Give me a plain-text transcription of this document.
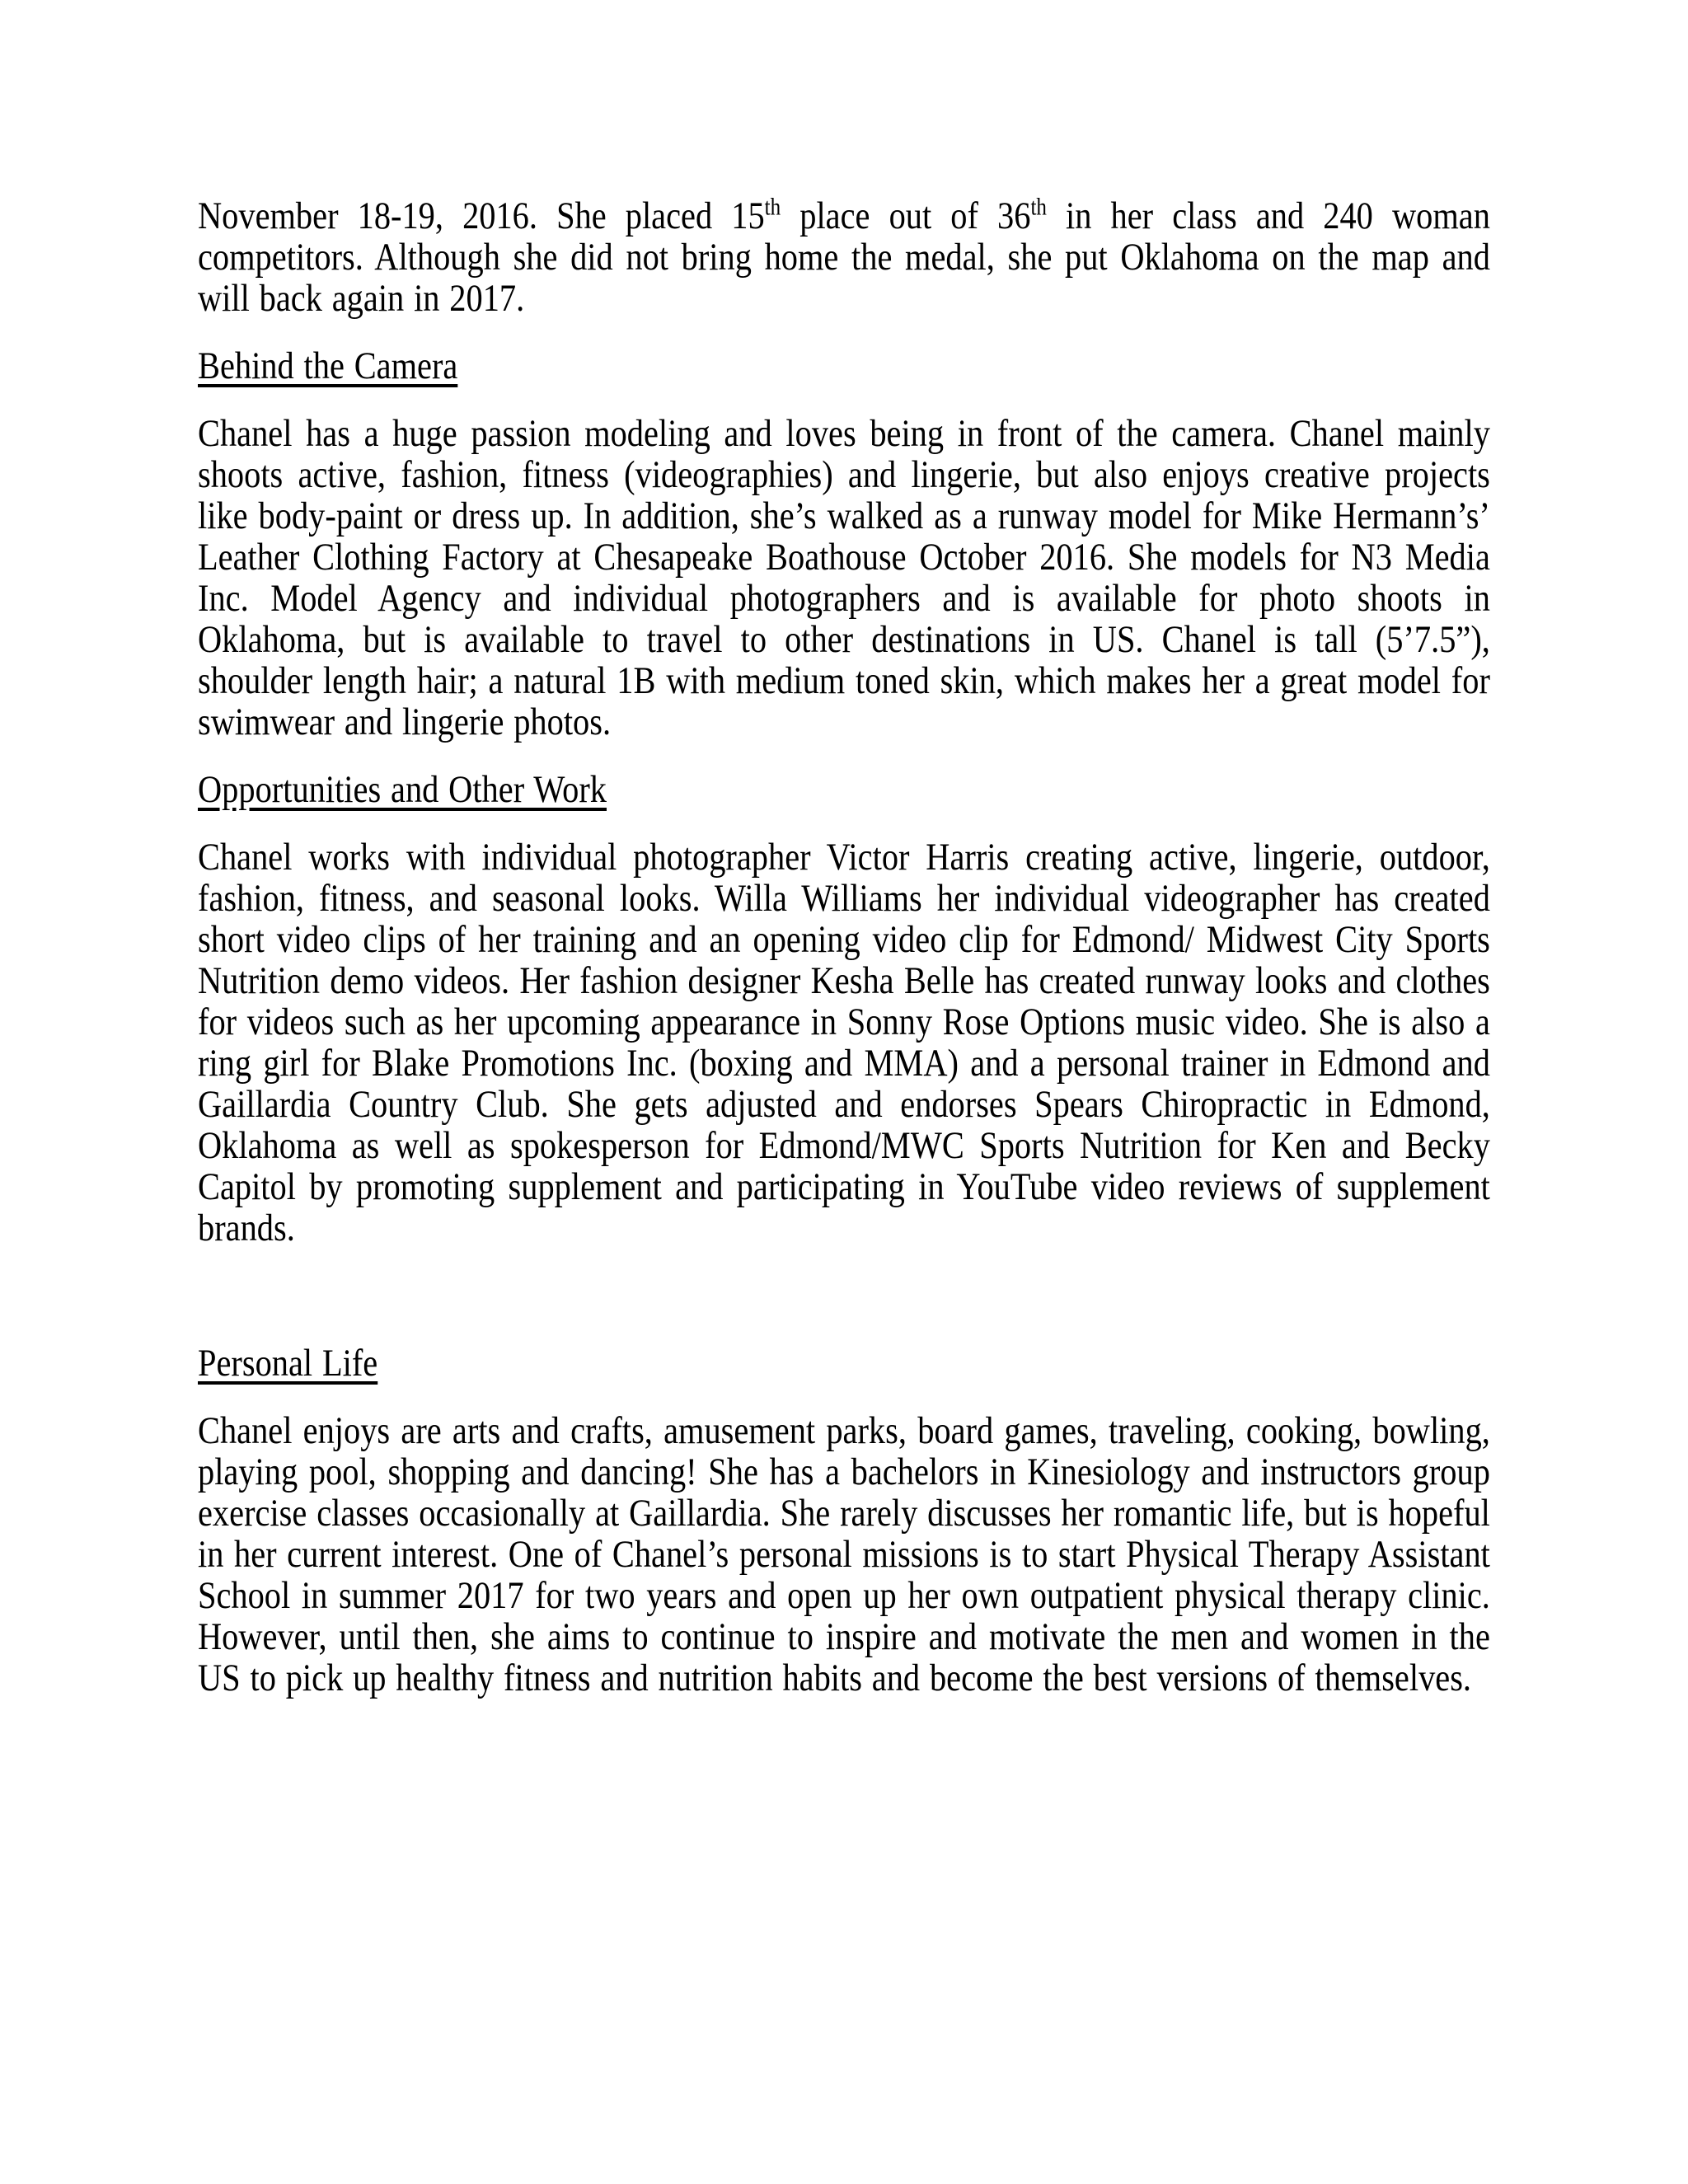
November 18-19, 2016. She placed 15th place out of 36th in her class and 240 woman competitors. Although she did not bring home the medal, she put Oklahoma on the map and will back again in 2017.

Behind the Camera

Chanel has a huge passion modeling and loves being in front of the camera. Chanel mainly shoots active, fashion, fitness (videographies) and lingerie, but also enjoys creative projects like body-paint or dress up. In addition, she’s walked as a runway model for Mike Hermann’s’ Leather Clothing Factory at Chesapeake Boathouse October 2016. She models for N3 Media Inc. Model Agency and individual photographers and is available for photo shoots in Oklahoma, but is available to travel to other destinations in US. Chanel is tall (5’7.5”), shoulder length hair; a natural 1B with medium toned skin, which makes her a great model for swimwear and lingerie photos.

Opportunities and Other Work

Chanel works with individual photographer Victor Harris creating active, lingerie, outdoor, fashion, fitness, and seasonal looks. Willa Williams her individual videographer has created short video clips of her training and an opening video clip for Edmond/ Midwest City Sports Nutrition demo videos. Her fashion designer Kesha Belle has created runway looks and clothes for videos such as her upcoming appearance in Sonny Rose Options music video. She is also a ring girl for Blake Promotions Inc. (boxing and MMA) and a personal trainer in Edmond and Gaillardia Country Club. She gets adjusted and endorses Spears Chiropractic in Edmond, Oklahoma as well as spokesperson for Edmond/MWC Sports Nutrition for Ken and Becky Capitol by promoting supplement and participating in YouTube video reviews of supplement brands.

Personal Life

Chanel enjoys are arts and crafts, amusement parks, board games, traveling, cooking, bowling, playing pool, shopping and dancing! She has a bachelors in Kinesiology and instructors group exercise classes occasionally at Gaillardia. She rarely discusses her romantic life, but is hopeful in her current interest. One of Chanel’s personal missions is to start Physical Therapy Assistant School in summer 2017 for two years and open up her own outpatient physical therapy clinic. However, until then, she aims to continue to inspire and motivate the men and women in the US to pick up healthy fitness and nutrition habits and become the best versions of themselves.
